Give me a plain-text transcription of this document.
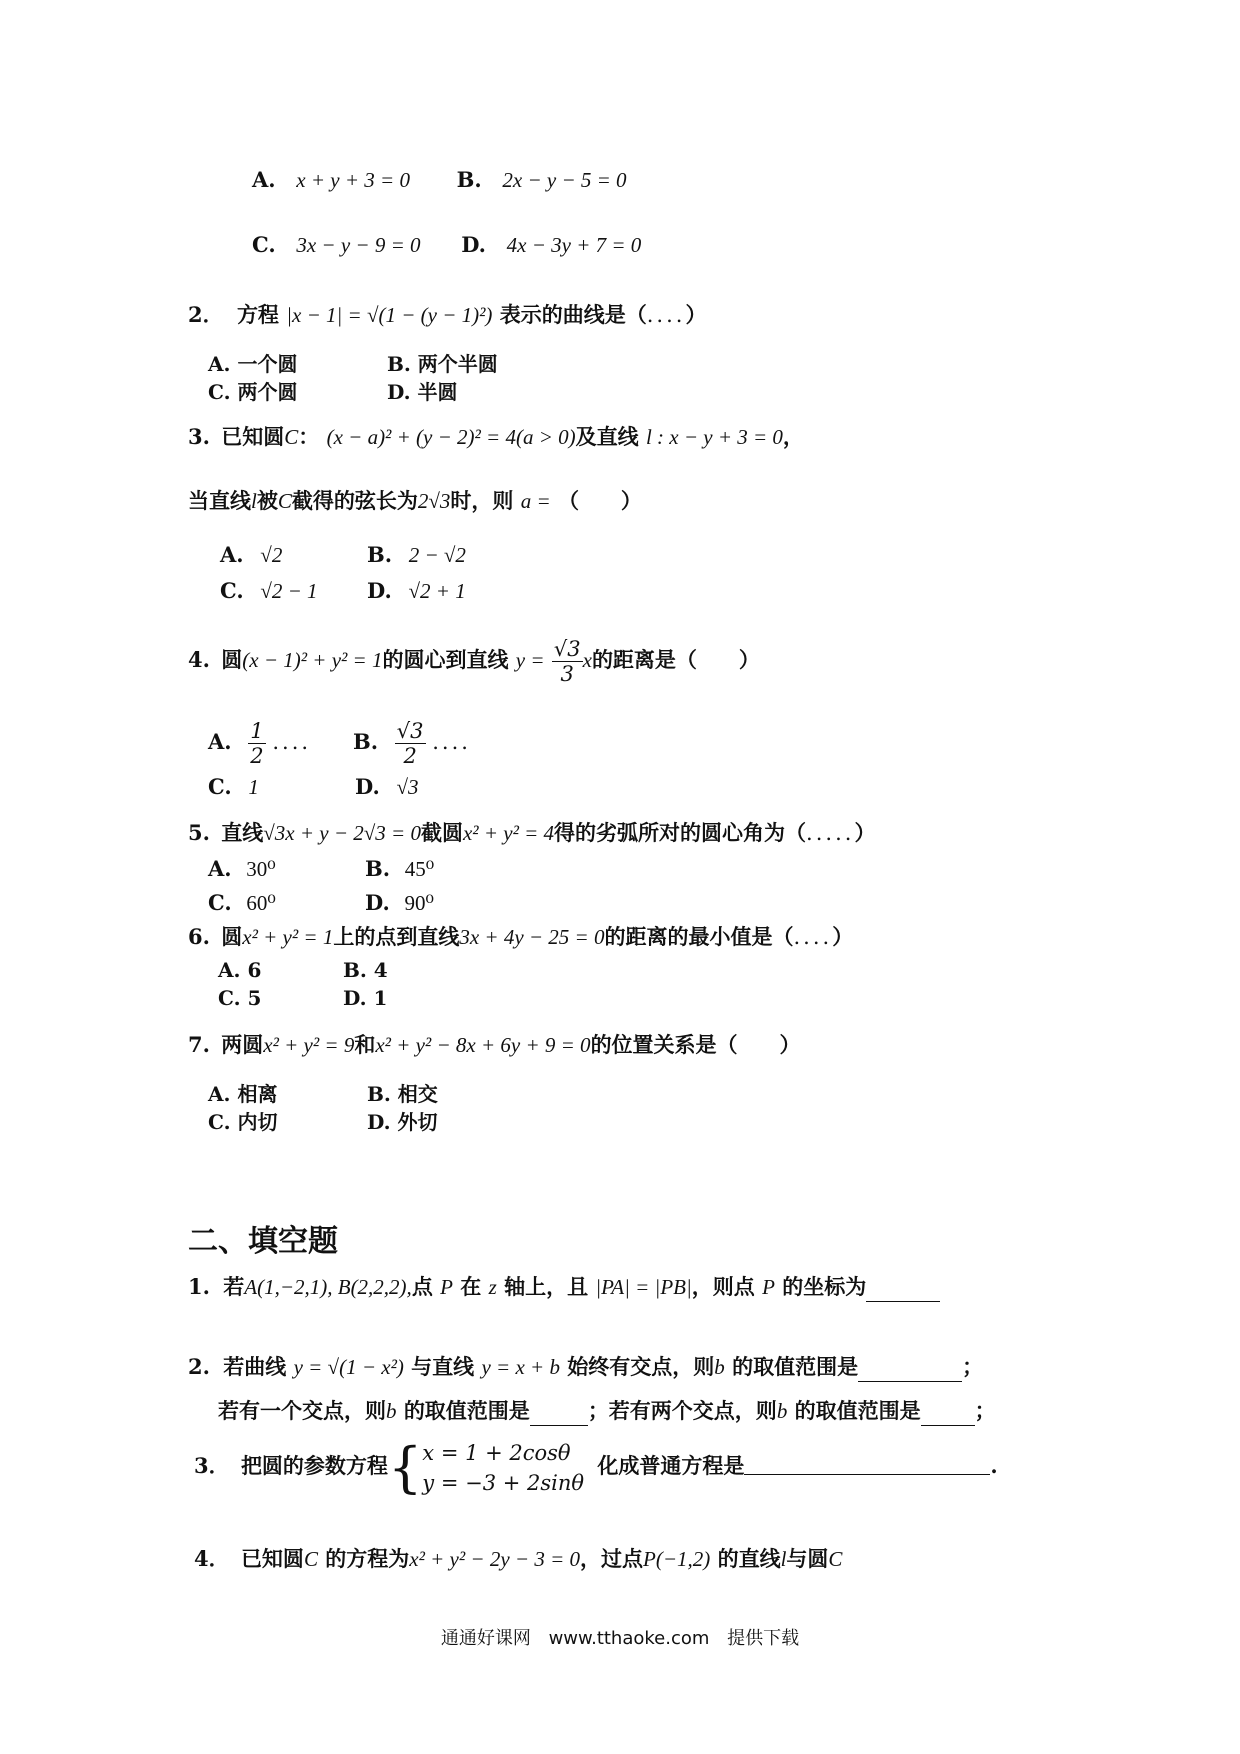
A. x + y + 3 = 0 B. 2x − y − 5 = 0
C. 3x − y − 9 = 0 D. 4x − 3y + 7 = 0
2． 方程 |x − 1| = √(1 − (y − 1)²) 表示的曲线是（....）
A. 一个圆	B. 两个半圆
C. 两个圆	D. 半圆
3. 已知圆C： (x − a)² + (y − 2)² = 4(a > 0)及直线 l : x − y + 3 = 0，
当直线l被C截得的弦长为2√3时，则 a = （　　）
A. √2	B. 2 − √2
C. √2 − 1 D. √2 + 1
4. 圆(x − 1)² + y² = 1的圆心到直线 $y = \frac{√3}{3}$ x的距离是（　　）
A. $\frac{1}{2}$ .... B. $\frac{√3}{2}$ ....
C. 1	D. √3
5. 直线√3x + y − 2√3 = 0截圆x² + y² = 4得的劣弧所对的圆心角为（.....）
A. 30⁰	B. 45⁰
C. 60⁰	D. 90⁰
6. 圆x² + y² = 1上的点到直线3x + 4y − 25 = 0的距离的最小值是（....）
A. 6	B. 4
C. 5	D. 1
7. 两圆x² + y² = 9和x² + y² − 8x + 6y + 9 = 0的位置关系是（　　）
A. 相离	B. 相交
C. 内切	D. 外切
二、填空题
1. 若A(1,−2,1), B(2,2,2),点 P 在 z 轴上，且 |PA| = |PB|，则点 P 的坐标为
2. 若曲线 y = √(1 − x²) 与直线 y = x + b 始终有交点，则b 的取值范围是	；
若有一个交点，则b 的取值范围是	；若有两个交点，则b 的取值范围是	；
3． 把圆的参数方程{ x = 1 + 2cosθ
y = −3 + 2sinθ
化成普通方程是	.
4． 已知圆C 的方程为x² + y² − 2y − 3 = 0，过点P(−1,2) 的直线l与圆C
通通好课网 www.tthaoke.com 提供下载
